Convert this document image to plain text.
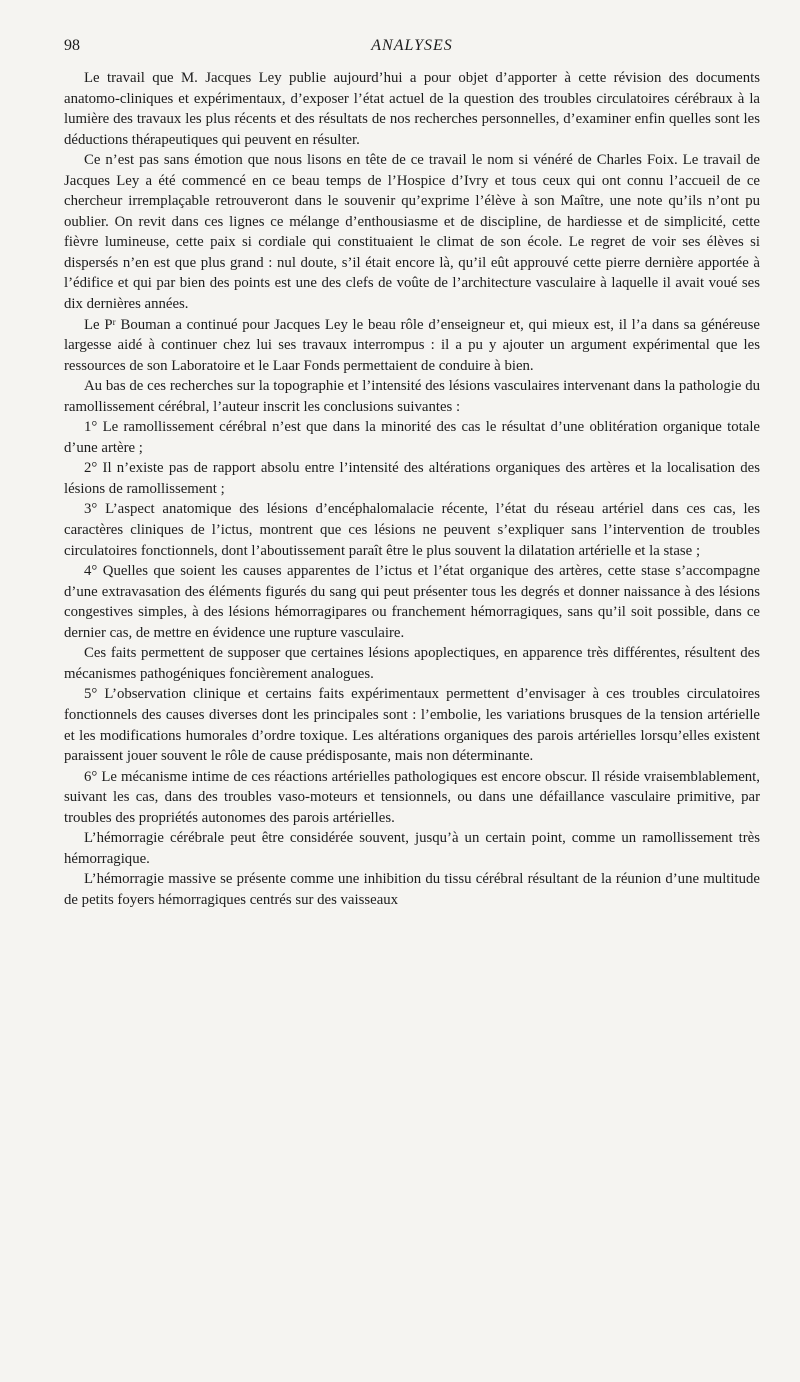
98	ANALYSES

Le travail que M. Jacques Ley publie aujourd’hui a pour objet d’apporter à cette révision des documents anatomo-cliniques et expérimentaux, d’exposer l’état actuel de la question des troubles circulatoires cérébraux à la lumière des travaux les plus récents et des résultats de nos recherches personnelles, d’examiner enfin quelles sont les déductions thérapeutiques qui peuvent en résulter.

Ce n’est pas sans émotion que nous lisons en tête de ce travail le nom si vénéré de Charles Foix. Le travail de Jacques Ley a été commencé en ce beau temps de l’Hospice d’Ivry et tous ceux qui ont connu l’accueil de ce chercheur irremplaçable retrouveront dans le souvenir qu’exprime l’élève à son Maître, une note qu’ils n’ont pu oublier. On revit dans ces lignes ce mélange d’enthousiasme et de discipline, de hardiesse et de simplicité, cette fièvre lumineuse, cette paix si cordiale qui constituaient le climat de son école. Le regret de voir ses élèves si dispersés n’en est que plus grand : nul doute, s’il était encore là, qu’il eût approuvé cette pierre dernière apportée à l’édifice et qui par bien des points est une des clefs de voûte de l’architecture vasculaire à laquelle il avait voué ses dix dernières années.

Le Pʳ Bouman a continué pour Jacques Ley le beau rôle d’enseigneur et, qui mieux est, il l’a dans sa généreuse largesse aidé à continuer chez lui ses travaux interrompus : il a pu y ajouter un argument expérimental que les ressources de son Laboratoire et le Laar Fonds permettaient de conduire à bien.

Au bas de ces recherches sur la topographie et l’intensité des lésions vasculaires intervenant dans la pathologie du ramollissement cérébral, l’auteur inscrit les conclusions suivantes :

1° Le ramollissement cérébral n’est que dans la minorité des cas le résultat d’une oblitération organique totale d’une artère ;

2° Il n’existe pas de rapport absolu entre l’intensité des altérations organiques des artères et la localisation des lésions de ramollissement ;

3° L’aspect anatomique des lésions d’encéphalomalacie récente, l’état du réseau artériel dans ces cas, les caractères cliniques de l’ictus, montrent que ces lésions ne peuvent s’expliquer sans l’intervention de troubles circulatoires fonctionnels, dont l’aboutissement paraît être le plus souvent la dilatation artérielle et la stase ;

4° Quelles que soient les causes apparentes de l’ictus et l’état organique des artères, cette stase s’accompagne d’une extravasation des éléments figurés du sang qui peut présenter tous les degrés et donner naissance à des lésions congestives simples, à des lésions hémorragipares ou franchement hémorragiques, sans qu’il soit possible, dans ce dernier cas, de mettre en évidence une rupture vasculaire.

Ces faits permettent de supposer que certaines lésions apoplectiques, en apparence très différentes, résultent des mécanismes pathogéniques foncièrement analogues.

5° L’observation clinique et certains faits expérimentaux permettent d’envisager à ces troubles circulatoires fonctionnels des causes diverses dont les principales sont : l’embolie, les variations brusques de la tension artérielle et les modifications humorales d’ordre toxique. Les altérations organiques des parois artérielles lorsqu’elles existent paraissent jouer souvent le rôle de cause prédisposante, mais non déterminante.

6° Le mécanisme intime de ces réactions artérielles pathologiques est encore obscur. Il réside vraisemblablement, suivant les cas, dans des troubles vaso-moteurs et tensionnels, ou dans une défaillance vasculaire primitive, par troubles des propriétés autonomes des parois artérielles.

L’hémorragie cérébrale peut être considérée souvent, jusqu’à un certain point, comme un ramollissement très hémorragique.

L’hémorragie massive se présente comme une inhibition du tissu cérébral résultant de la réunion d’une multitude de petits foyers hémorragiques centrés sur des vaisseaux
